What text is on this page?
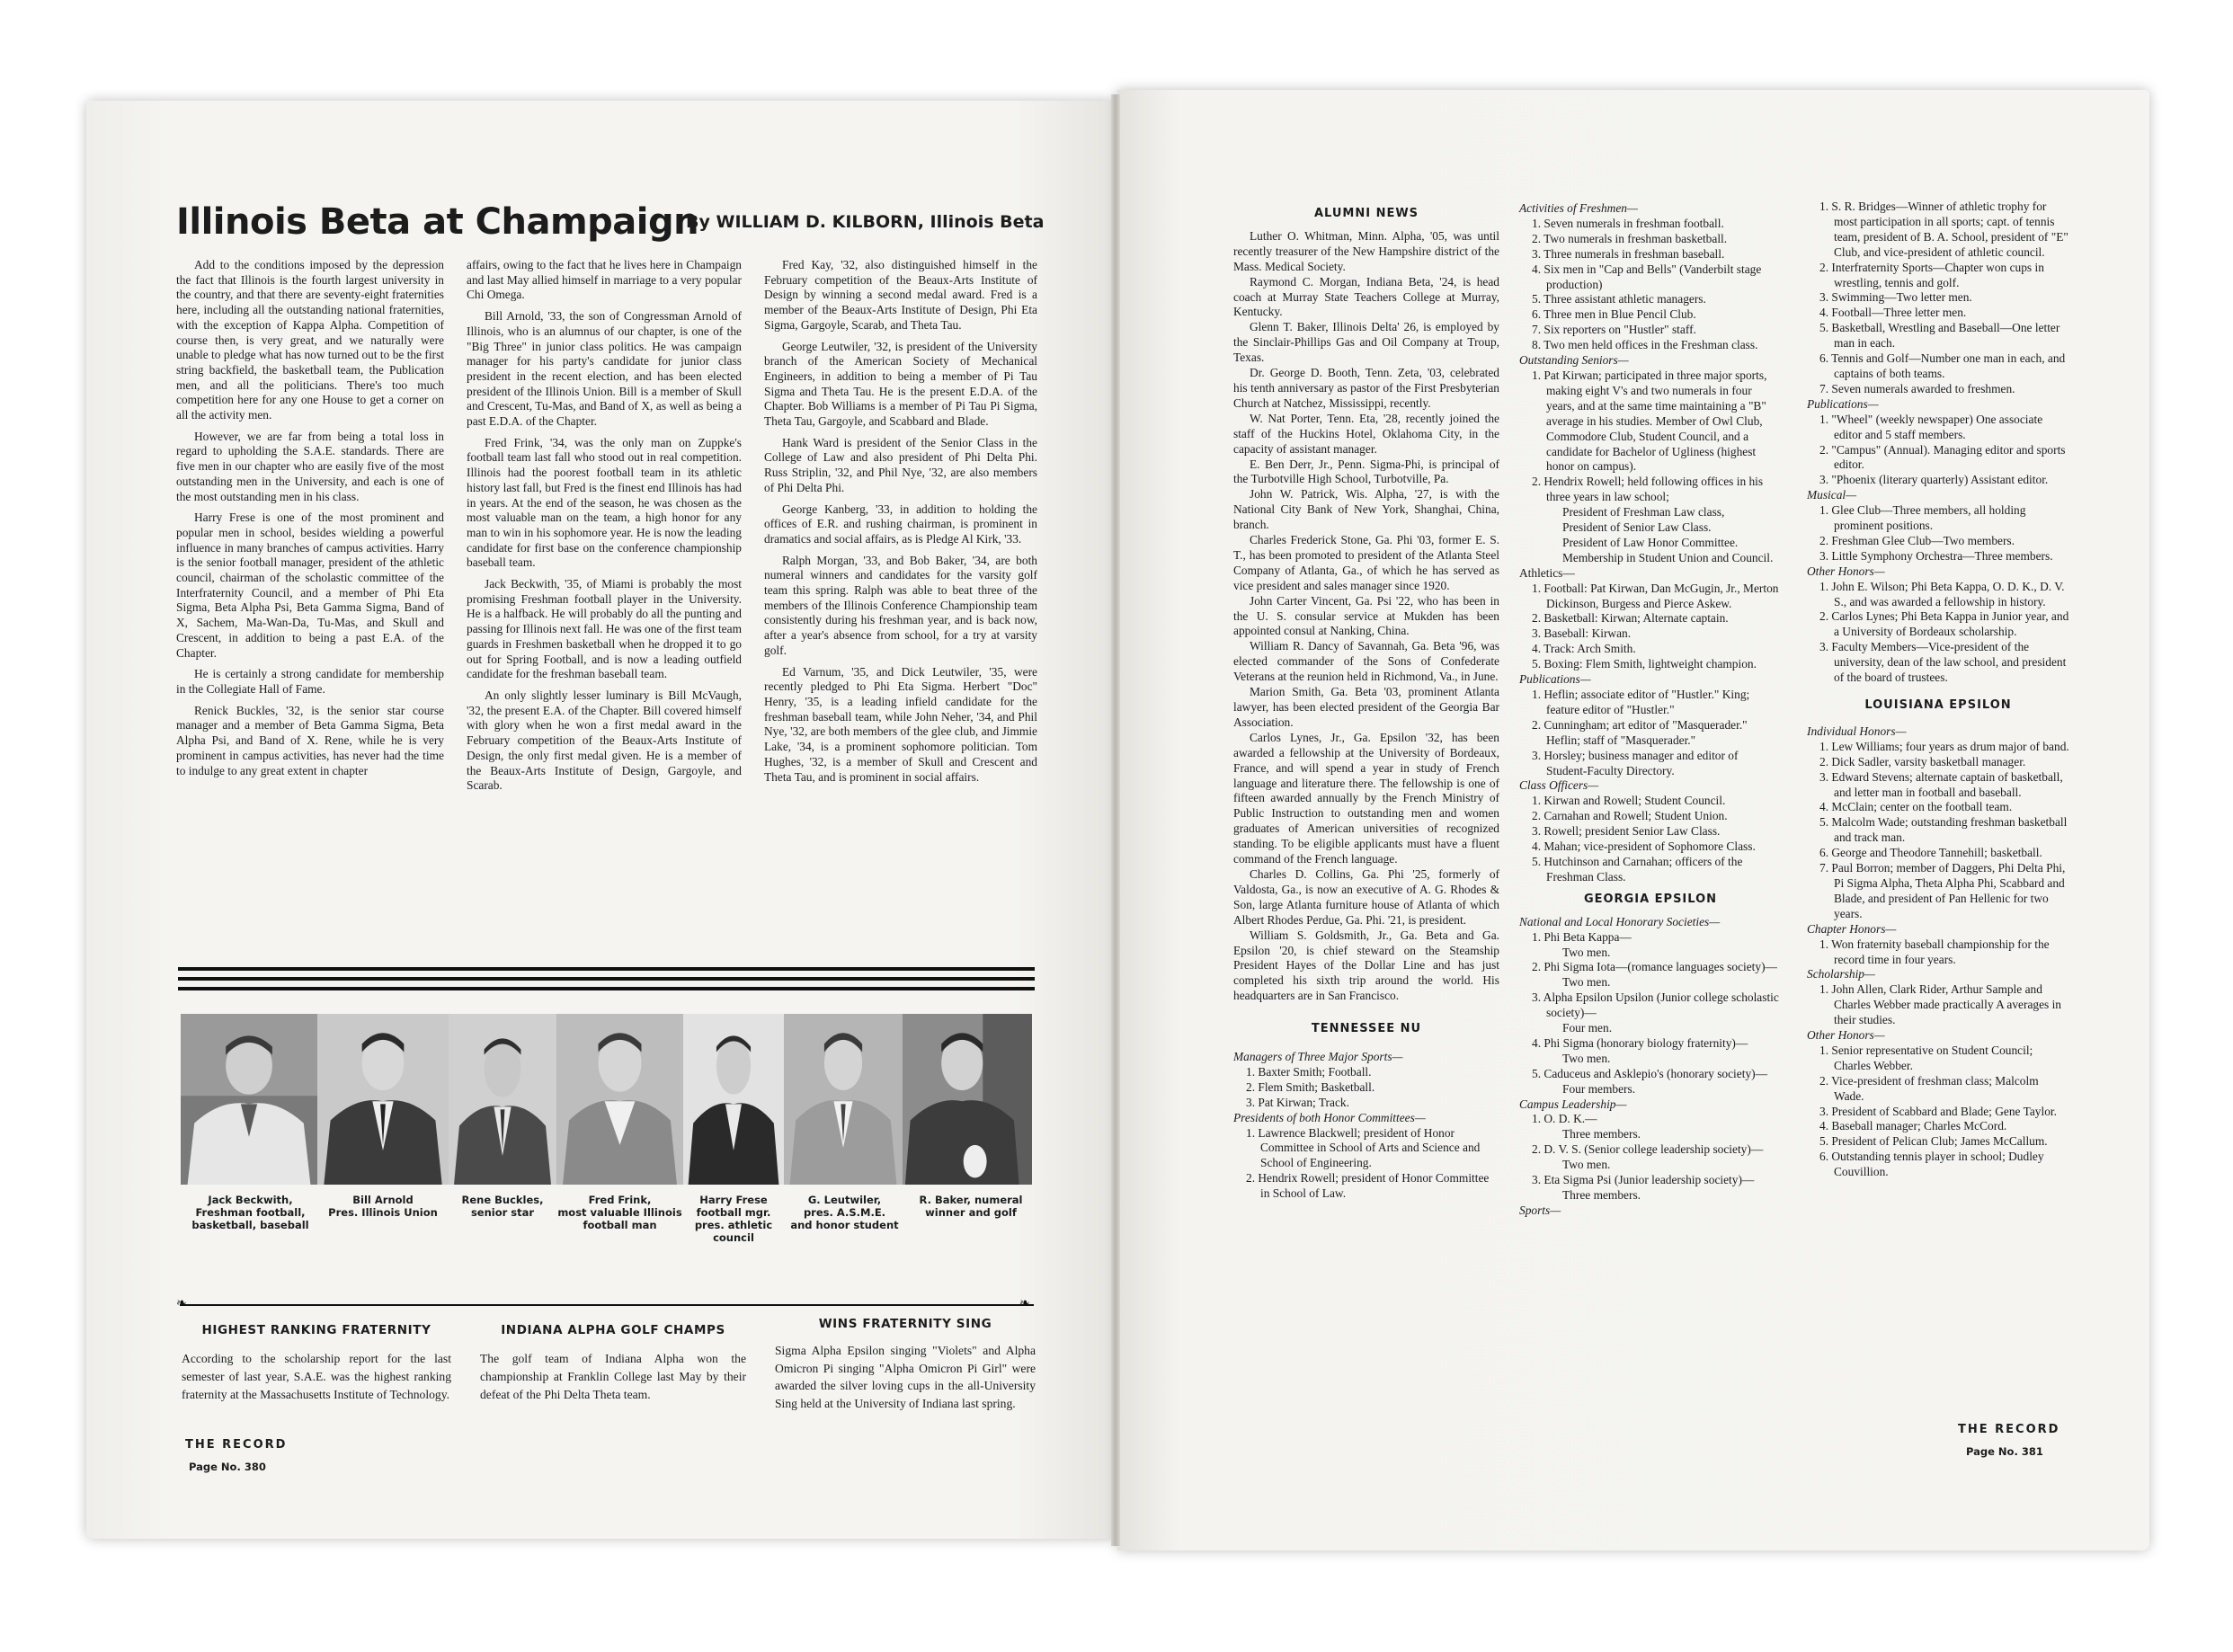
Illinois Beta at Champaign
By WILLIAM D. KILBORN, Illinois Beta

Add to the conditions imposed by the depression the fact that Illinois is the fourth largest university in the country, and that there are seventy-eight fraternities here, including all the outstanding national fraternities, with the exception of Kappa Alpha. Competition of course then, is very great, and we naturally were unable to pledge what has now turned out to be the first string backfield, the basketball team, the Publication men, and all the politicians. There's too much competition here for any one House to get a corner on all the activity men.

However, we are far from being a total loss in regard to upholding the S.A.E. standards. There are five men in our chapter who are easily five of the most outstanding men in the University, and each is one of the most outstanding men in his class.

Harry Frese is one of the most prominent and popular men in school, besides wielding a powerful influence in many branches of campus activities. Harry is the senior football manager, president of the athletic council, chairman of the scholastic committee of the Interfraternity Council, and a member of Phi Eta Sigma, Beta Alpha Psi, Beta Gamma Sigma, Band of X, Sachem, Ma-Wan-Da, Tu-Mas, and Skull and Crescent, in addition to being a past E.A. of the Chapter.

He is certainly a strong candidate for membership in the Collegiate Hall of Fame.

Renick Buckles, '32, is the senior star course manager and a member of Beta Gamma Sigma, Beta Alpha Psi, and Band of X. Rene, while he is very prominent in campus activities, has never had the time to indulge to any great extent in chapter

affairs, owing to the fact that he lives here in Champaign and last May allied himself in marriage to a very popular Chi Omega.

Bill Arnold, '33, the son of Congressman Arnold of Illinois, who is an alumnus of our chapter, is one of the "Big Three" in junior class politics. He was campaign manager for his party's candidate for junior class president in the recent election, and has been elected president of the Illinois Union. Bill is a member of Skull and Crescent, Tu-Mas, and Band of X, as well as being a past E.D.A. of the Chapter.

Fred Frink, '34, was the only man on Zuppke's football team last fall who stood out in real competition. Illinois had the poorest football team in its athletic history last fall, but Fred is the finest end Illinois has had in years. At the end of the season, he was chosen as the most valuable man on the team, a high honor for any man to win in his sophomore year. He is now the leading candidate for first base on the conference championship baseball team.

Jack Beckwith, '35, of Miami is probably the most promising Freshman football player in the University. He is a halfback. He will probably do all the punting and passing for Illinois next fall. He was one of the first team guards in Freshmen basketball when he dropped it to go out for Spring Football, and is now a leading outfield candidate for the freshman baseball team.

An only slightly lesser luminary is Bill McVaugh, '32, the present E.A. of the Chapter. Bill covered himself with glory when he won a first medal award in the February competition of the Beaux-Arts Institute of Design, the only first medal given. He is a member of the Beaux-Arts Institute of Design, Gargoyle, and Scarab.

Fred Kay, '32, also distinguished himself in the February competition of the Beaux-Arts Institute of Design by winning a second medal award. Fred is a member of the Beaux-Arts Institute of Design, Phi Eta Sigma, Gargoyle, Scarab, and Theta Tau.

George Leutwiler, '32, is president of the University branch of the American Society of Mechanical Engineers, in addition to being a member of Pi Tau Sigma and Theta Tau. He is the present E.D.A. of the Chapter. Bob Williams is a member of Pi Tau Pi Sigma, Theta Tau, Gargoyle, and Scabbard and Blade.

Hank Ward is president of the Senior Class in the College of Law and also president of Phi Delta Phi. Russ Striplin, '32, and Phil Nye, '32, are also members of Phi Delta Phi.

George Kanberg, '33, in addition to holding the offices of E.R. and rushing chairman, is prominent in dramatics and social affairs, as is Pledge Al Kirk, '33.

Ralph Morgan, '33, and Bob Baker, '34, are both numeral winners and candidates for the varsity golf team this spring. Ralph was able to beat three of the members of the Illinois Conference Championship team consistently during his freshman year, and is back now, after a year's absence from school, for a try at varsity golf.

Ed Varnum, '35, and Dick Leutwiler, '35, were recently pledged to Phi Eta Sigma. Herbert "Doc" Henry, '35, is a leading infield candidate for the freshman baseball team, while John Neher, '34, and Phil Nye, '32, are both members of the glee club, and Jimmie Lake, '34, is a prominent sophomore politician. Tom Hughes, '32, is a member of Skull and Crescent and Theta Tau, and is prominent in social affairs.

Jack Beckwith,
Freshman football,
basketball, baseball
Bill Arnold
Pres. Illinois Union
Rene Buckles,
senior star
Fred Frink,
most valuable Illinois
football man
Harry Frese
football mgr.
pres. athletic
council
G. Leutwiler,
pres. A.S.M.E.
and honor student
R. Baker, numeral
winner and golf
❧	❧
HIGHEST RANKING FRATERNITY
According to the scholarship report for the last semester of last year, S.A.E. was the highest ranking fraternity at the Massachusetts Institute of Technology.
INDIANA ALPHA GOLF CHAMPS
The golf team of Indiana Alpha won the championship at Franklin College last May by their defeat of the Phi Delta Theta team.
WINS FRATERNITY SING
Sigma Alpha Epsilon singing "Violets" and Alpha Omicron Pi singing "Alpha Omicron Pi Girl" were awarded the silver loving cups in the all-University Sing held at the University of Indiana last spring.
THE RECORD
Page No. 380
ALUMNI NEWS
Luther O. Whitman, Minn. Alpha, '05, was until recently treasurer of the New Hampshire district of the Mass. Medical Society.
Raymond C. Morgan, Indiana Beta, '24, is head coach at Murray State Teachers College at Murray, Kentucky.
Glenn T. Baker, Illinois Delta' 26, is employed by the Sinclair-Phillips Gas and Oil Company at Troup, Texas.
Dr. George D. Booth, Tenn. Zeta, '03, celebrated his tenth anniversary as pastor of the First Presbyterian Church at Natchez, Mississippi, recently.
W. Nat Porter, Tenn. Eta, '28, recently joined the staff of the Huckins Hotel, Oklahoma City, in the capacity of assistant manager.
E. Ben Derr, Jr., Penn. Sigma-Phi, is principal of the Turbotville High School, Turbotville, Pa.
John W. Patrick, Wis. Alpha, '27, is with the National City Bank of New York, Shanghai, China, branch.
Charles Frederick Stone, Ga. Phi '03, former E. S. T., has been promoted to president of the Atlanta Steel Company of Atlanta, Ga., of which he has served as vice president and sales manager since 1920.
John Carter Vincent, Ga. Psi '22, who has been in the U. S. consular service at Mukden has been appointed consul at Nanking, China.
William R. Dancy of Savannah, Ga. Beta '96, was elected commander of the Sons of Confederate Veterans at the reunion held in Richmond, Va., in June.
Marion Smith, Ga. Beta '03, prominent Atlanta lawyer, has been elected president of the Georgia Bar Association.
Carlos Lynes, Jr., Ga. Epsilon '32, has been awarded a fellowship at the University of Bordeaux, France, and will spend a year in study of French language and literature there. The fellowship is one of fifteen awarded annually by the French Ministry of Public Instruction to outstanding men and women graduates of American universities of recognized standing. To be eligible applicants must have a fluent command of the French language.
Charles D. Collins, Ga. Phi '25, formerly of Valdosta, Ga., is now an executive of A. G. Rhodes & Son, large Atlanta furniture house of Atlanta of which Albert Rhodes Perdue, Ga. Phi. '21, is president.
William S. Goldsmith, Jr., Ga. Beta and Ga. Epsilon '20, is chief steward on the Steamship President Hayes of the Dollar Line and has just completed his sixth trip around the world. His headquarters are in San Francisco.
TENNESSEE NU
Managers of Three Major Sports—
1. Baxter Smith; Football.
2. Flem Smith; Basketball.
3. Pat Kirwan; Track.
Presidents of both Honor Committees—
1. Lawrence Blackwell; president of Honor Committee in School of Arts and Science and School of Engineering.
2. Hendrix Rowell; president of Honor Committee in School of Law.
Activities of Freshmen—
1. Seven numerals in freshman football.
2. Two numerals in freshman basketball.
3. Three numerals in freshman baseball.
4. Six men in "Cap and Bells" (Vanderbilt stage production)
5. Three assistant athletic managers.
6. Three men in Blue Pencil Club.
7. Six reporters on "Hustler" staff.
8. Two men held offices in the Freshman class.
Outstanding Seniors—
1. Pat Kirwan; participated in three major sports, making eight V's and two numerals in four years, and at the same time maintaining a "B" average in his studies. Member of Owl Club, Commodore Club, Student Council, and a candidate for Bachelor of Ugliness (highest honor on campus).
2. Hendrix Rowell; held following offices in his three years in law school;
President of Freshman Law class,
President of Senior Law Class.
President of Law Honor Committee.
Membership in Student Union and Council.
Athletics—
1. Football: Pat Kirwan, Dan McGugin, Jr., Merton Dickinson, Burgess and Pierce Askew.
2. Basketball: Kirwan; Alternate captain.
3. Baseball: Kirwan.
4. Track: Arch Smith.
5. Boxing: Flem Smith, lightweight champion.
Publications—
1. Heflin; associate editor of "Hustler." King; feature editor of "Hustler."
2. Cunningham; art editor of "Masquerader." Heflin; staff of "Masquerader."
3. Horsley; business manager and editor of Student-Faculty Directory.
Class Officers—
1. Kirwan and Rowell; Student Council.
2. Carnahan and Rowell; Student Union.
3. Rowell; president Senior Law Class.
4. Mahan; vice-president of Sophomore Class.
5. Hutchinson and Carnahan; officers of the Freshman Class.
GEORGIA EPSILON
National and Local Honorary Societies—
1. Phi Beta Kappa—
Two men.
2. Phi Sigma Iota—(romance languages society)—
Two men.
3. Alpha Epsilon Upsilon (Junior college scholastic society)—
Four men.
4. Phi Sigma (honorary biology fraternity)—
Two men.
5. Caduceus and Asklepio's (honorary society)—
Four members.
Campus Leadership—
1. O. D. K.—
Three members.
2. D. V. S. (Senior college leadership society)—
Two men.
3. Eta Sigma Psi (Junior leadership society)—
Three members.
Sports—
1. S. R. Bridges—Winner of athletic trophy for most participation in all sports; capt. of tennis team, president of B. A. School, president of "E" Club, and vice-president of athletic council.
2. Interfraternity Sports—Chapter won cups in wrestling, tennis and golf.
3. Swimming—Two letter men.
4. Football—Three letter men.
5. Basketball, Wrestling and Baseball—One letter man in each.
6. Tennis and Golf—Number one man in each, and captains of both teams.
7. Seven numerals awarded to freshmen.
Publications—
1. "Wheel" (weekly newspaper) One associate editor and 5 staff members.
2. "Campus" (Annual). Managing editor and sports editor.
3. "Phoenix (literary quarterly) Assistant editor.
Musical—
1. Glee Club—Three members, all holding prominent positions.
2. Freshman Glee Club—Two members.
3. Little Symphony Orchestra—Three members.
Other Honors—
1. John E. Wilson; Phi Beta Kappa, O. D. K., D. V. S., and was awarded a fellowship in history.
2. Carlos Lynes; Phi Beta Kappa in Junior year, and a University of Bordeaux scholarship.
3. Faculty Members—Vice-president of the university, dean of the law school, and president of the board of trustees.
LOUISIANA EPSILON
Individual Honors—
1. Lew Williams; four years as drum major of band.
2. Dick Sadler, varsity basketball manager.
3. Edward Stevens; alternate captain of basketball, and letter man in football and baseball.
4. McClain; center on the football team.
5. Malcolm Wade; outstanding freshman basketball and track man.
6. George and Theodore Tannehill; basketball.
7. Paul Borron; member of Daggers, Phi Delta Phi, Pi Sigma Alpha, Theta Alpha Phi, Scabbard and Blade, and president of Pan Hellenic for two years.
Chapter Honors—
1. Won fraternity baseball championship for the record time in four years.
Scholarship—
1. John Allen, Clark Rider, Arthur Sample and Charles Webber made practically A averages in their studies.
Other Honors—
1. Senior representative on Student Council; Charles Webber.
2. Vice-president of freshman class; Malcolm Wade.
3. President of Scabbard and Blade; Gene Taylor.
4. Baseball manager; Charles McCord.
5. President of Pelican Club; James McCallum.
6. Outstanding tennis player in school; Dudley Couvillion.
THE RECORD
Page No. 381
